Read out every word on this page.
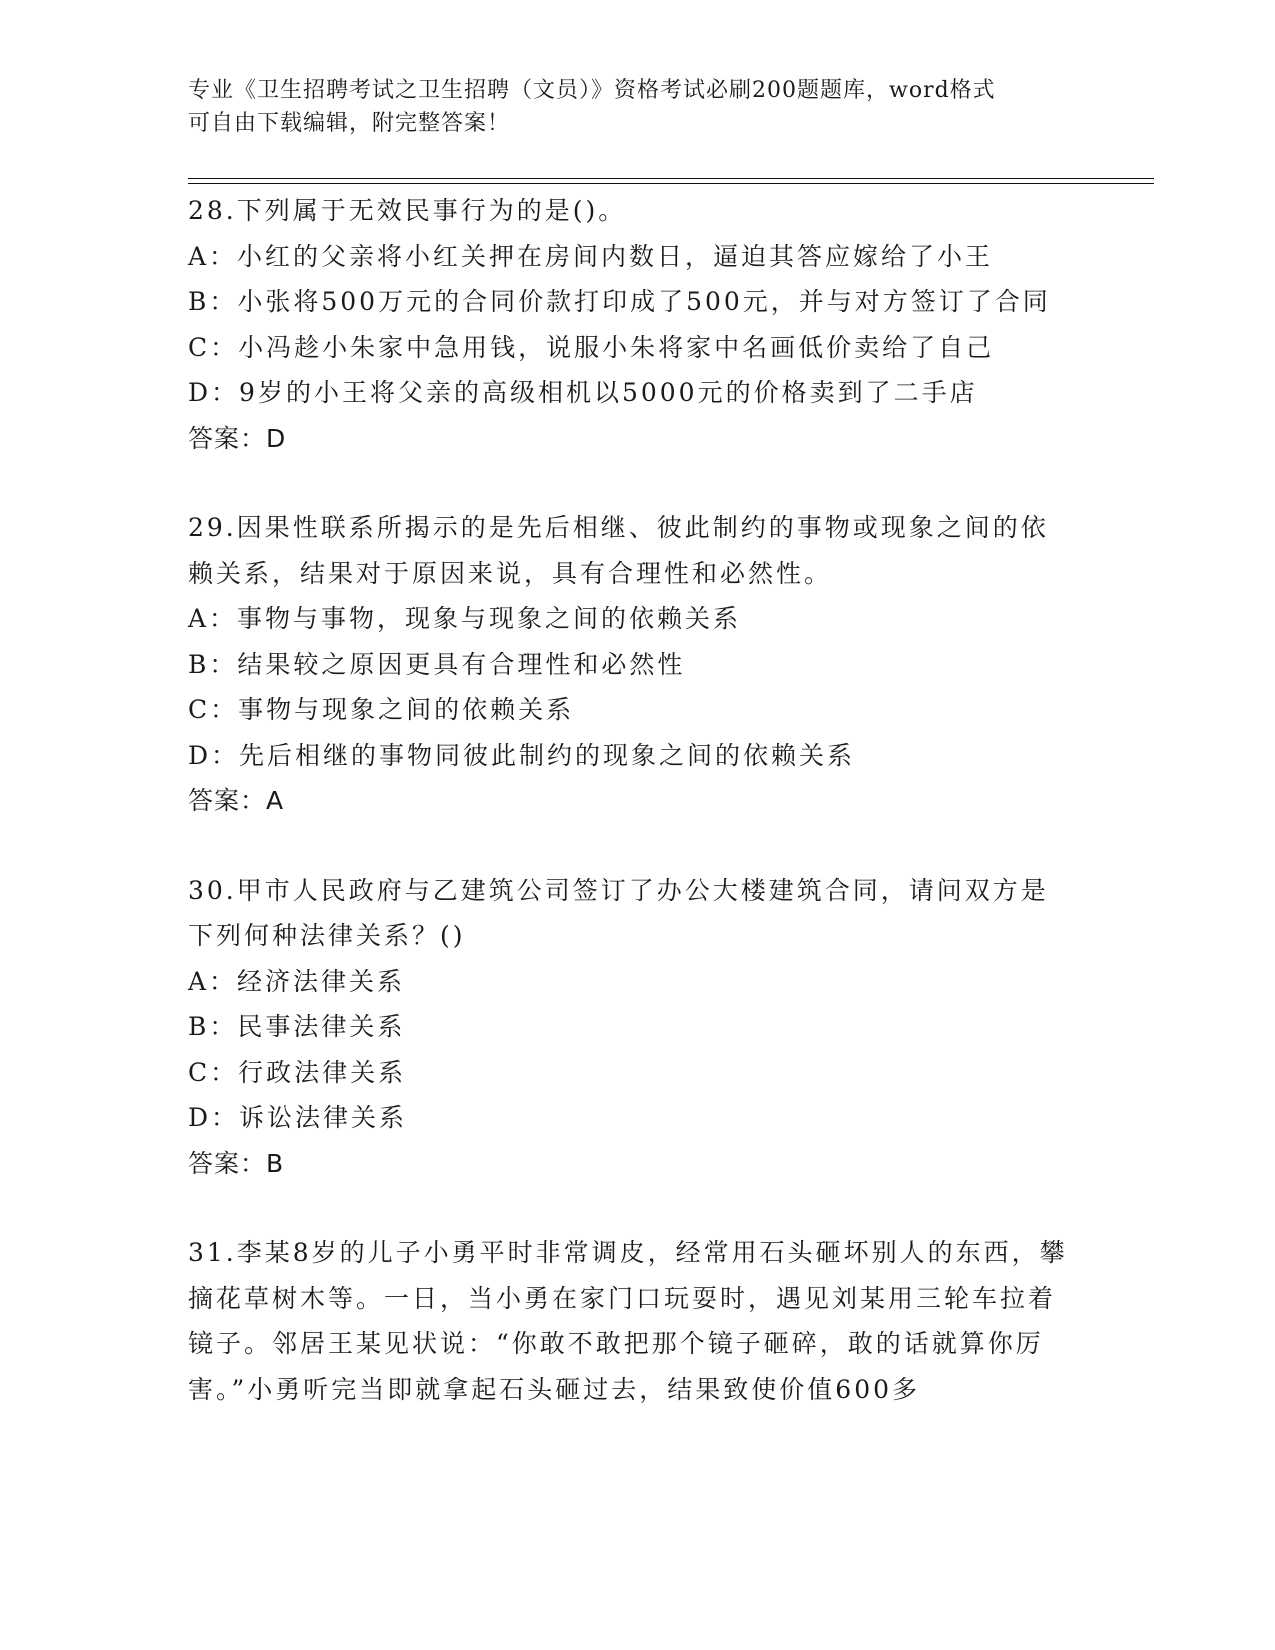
专业《卫生招聘考试之卫生招聘（文员）》资格考试必刷200题题库，word格式
可自由下载编辑，附完整答案！
28.下列属于无效民事行为的是()。
A：小红的父亲将小红关押在房间内数日，逼迫其答应嫁给了小王
B：小张将500万元的合同价款打印成了500元，并与对方签订了合同
C：小冯趁小朱家中急用钱，说服小朱将家中名画低价卖给了自己
D：9岁的小王将父亲的高级相机以5000元的价格卖到了二手店
答案：D
29.因果性联系所揭示的是先后相继、彼此制约的事物或现象之间的依赖关系，结果对于原因来说，具有合理性和必然性。
A：事物与事物，现象与现象之间的依赖关系
B：结果较之原因更具有合理性和必然性
C：事物与现象之间的依赖关系
D：先后相继的事物同彼此制约的现象之间的依赖关系
答案：A
30.甲市人民政府与乙建筑公司签订了办公大楼建筑合同，请问双方是下列何种法律关系？()
A：经济法律关系
B：民事法律关系
C：行政法律关系
D：诉讼法律关系
答案：B
31.李某8岁的儿子小勇平时非常调皮，经常用石头砸坏别人的东西，攀摘花草树木等。一日，当小勇在家门口玩耍时，遇见刘某用三轮车拉着镜子。邻居王某见状说：“你敢不敢把那个镜子砸碎，敢的话就算你厉害。”小勇听完当即就拿起石头砸过去，结果致使价值600多
